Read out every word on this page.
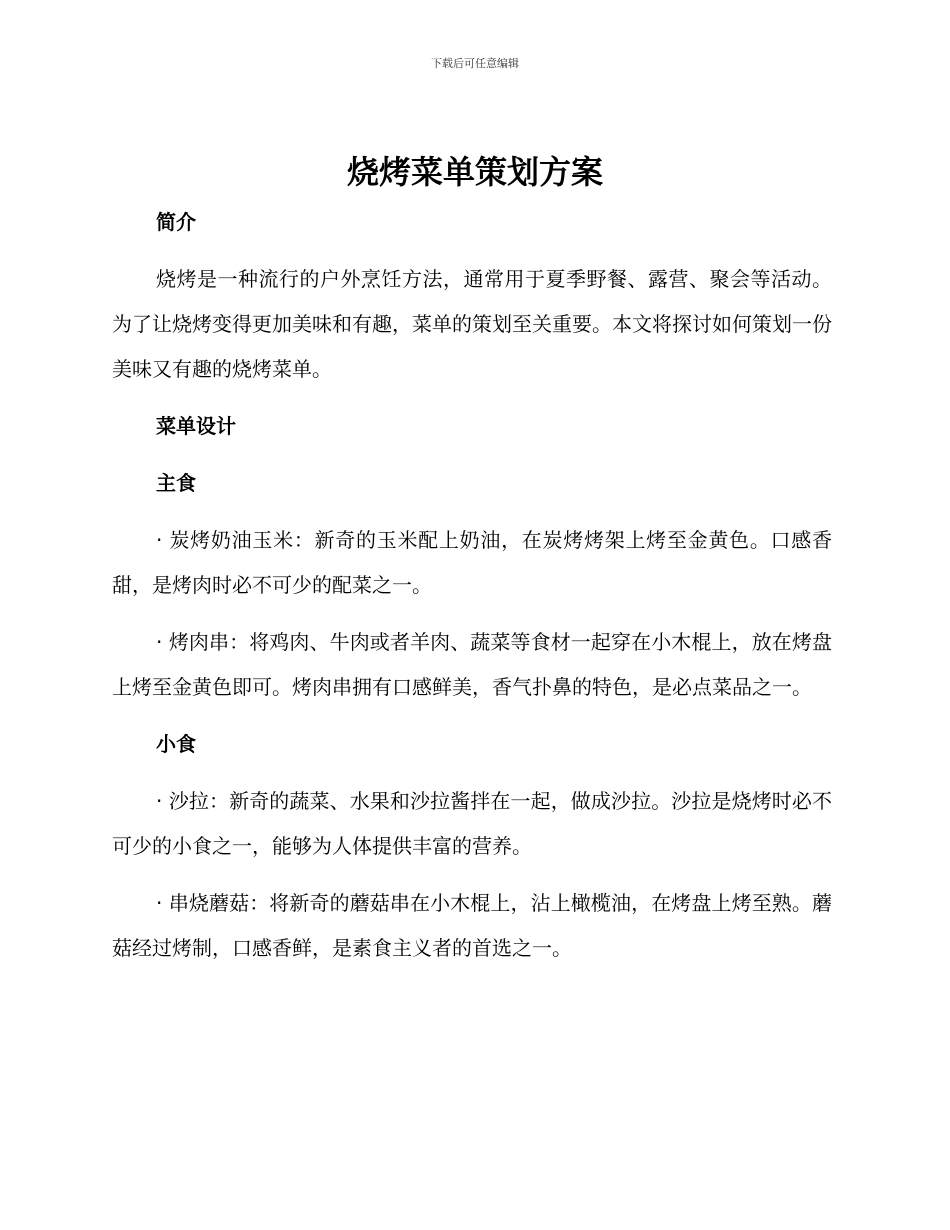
下载后可任意编辑
烧烤菜单策划方案
简介
烧烤是一种流行的户外烹饪方法，通常用于夏季野餐、露营、聚会等活动。为了让烧烤变得更加美味和有趣，菜单的策划至关重要。本文将探讨如何策划一份美味又有趣的烧烤菜单。
菜单设计
主食
· 炭烤奶油玉米：新奇的玉米配上奶油，在炭烤烤架上烤至金黄色。口感香甜，是烤肉时必不可少的配菜之一。
· 烤肉串：将鸡肉、牛肉或者羊肉、蔬菜等食材一起穿在小木棍上，放在烤盘上烤至金黄色即可。烤肉串拥有口感鲜美，香气扑鼻的特色，是必点菜品之一。
小食
· 沙拉：新奇的蔬菜、水果和沙拉酱拌在一起，做成沙拉。沙拉是烧烤时必不可少的小食之一，能够为人体提供丰富的营养。
· 串烧蘑菇：将新奇的蘑菇串在小木棍上，沾上橄榄油，在烤盘上烤至熟。蘑菇经过烤制，口感香鲜，是素食主义者的首选之一。
